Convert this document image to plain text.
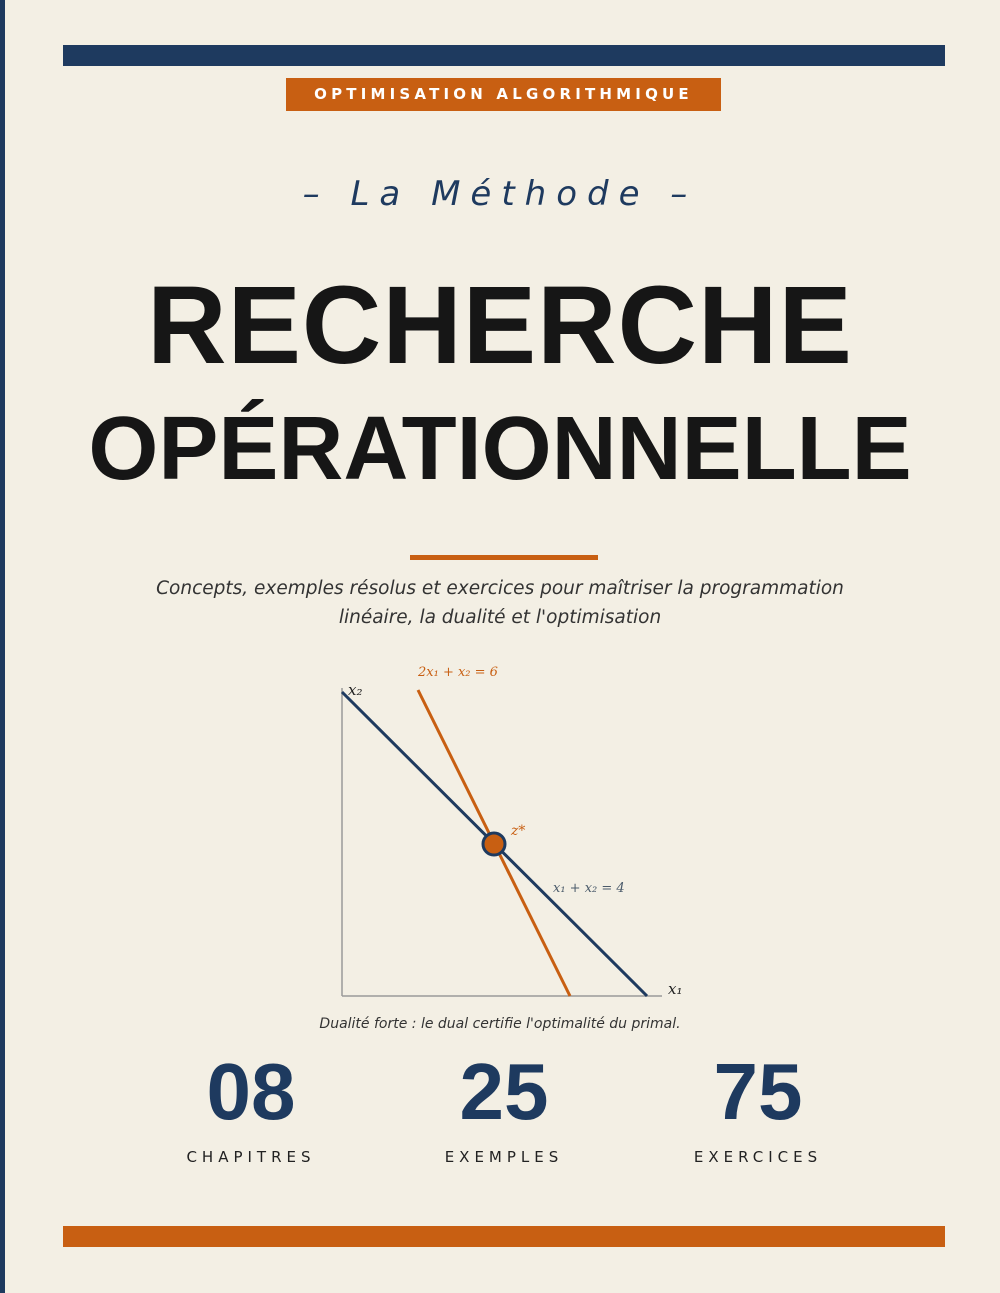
OPTIMISATION ALGORITHMIQUE
– La Méthode –
RECHERCHE
OPÉRATIONNELLE
Concepts, exemples résolus et exercices pour maîtriser la programmation
linéaire, la dualité et l'optimisation
x₂
x₁
2x₁ + x₂ = 6
x₁ + x₂ = 4
z*
Dualité forte : le dual certifie l'optimalité du primal.
08
CHAPITRES
25
EXEMPLES
75
EXERCICES
